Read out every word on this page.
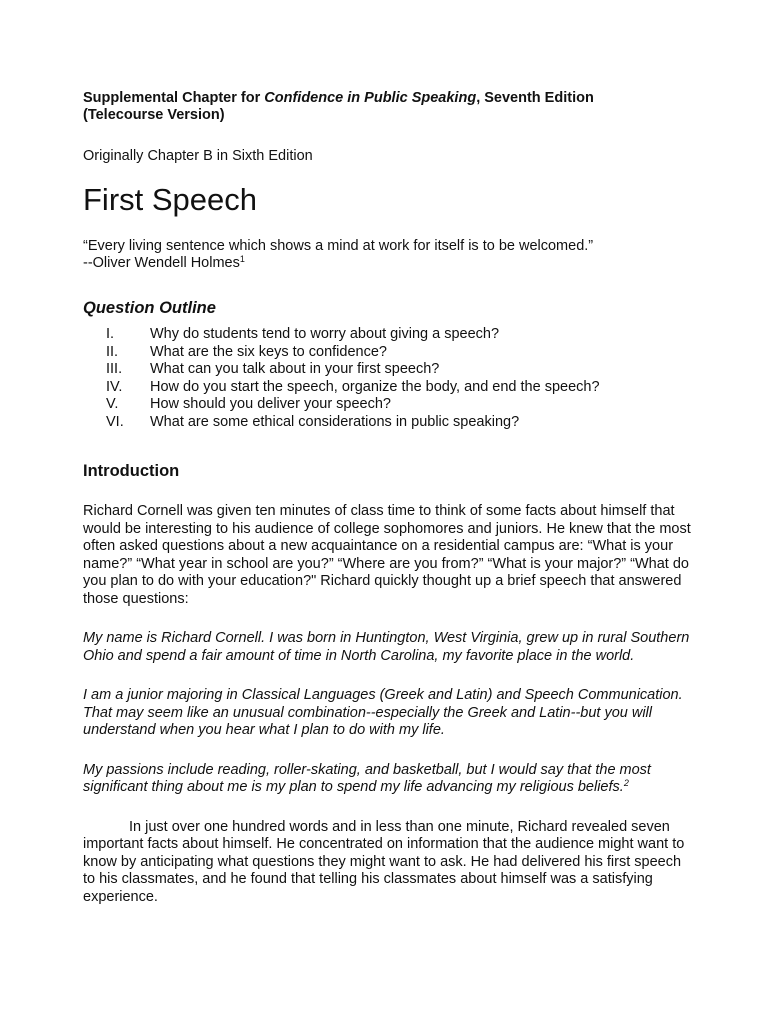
Supplemental Chapter for Confidence in Public Speaking, Seventh Edition
(Telecourse Version)

Originally Chapter B in Sixth Edition

First Speech

“Every living sentence which shows a mind at work for itself is to be welcomed.”
--Oliver Wendell Holmes$^1$

Question Outline
I.	Why do students tend to worry about giving a speech?
II.	What are the six keys to confidence?
III.	What can you talk about in your first speech?
IV.	How do you start the speech, organize the body, and end the speech?
V.	How should you deliver your speech?
VI.	What are some ethical considerations in public speaking?
Introduction

Richard Cornell was given ten minutes of class time to think of some facts about himself that would be interesting to his audience of college sophomores and juniors. He knew that the most often asked questions about a new acquaintance on a residential campus are: “What is your name?” “What year in school are you?” “Where are you from?” “What is your major?” “What do you plan to do with your education?" Richard quickly thought up a brief speech that answered those questions:

My name is Richard Cornell. I was born in Huntington, West Virginia, grew up in rural Southern Ohio and spend a fair amount of time in North Carolina, my favorite place in the world.

I am a junior majoring in Classical Languages (Greek and Latin) and Speech Communication. That may seem like an unusual combination--especially the Greek and Latin--but you will understand when you hear what I plan to do with my life.

My passions include reading, roller-skating, and basketball, but I would say that the most significant thing about me is my plan to spend my life advancing my religious beliefs.$^2$

In just over one hundred words and in less than one minute, Richard revealed seven important facts about himself. He concentrated on information that the audience might want to know by anticipating what questions they might want to ask. He had delivered his first speech to his classmates, and he found that telling his classmates about himself was a satisfying experience.
